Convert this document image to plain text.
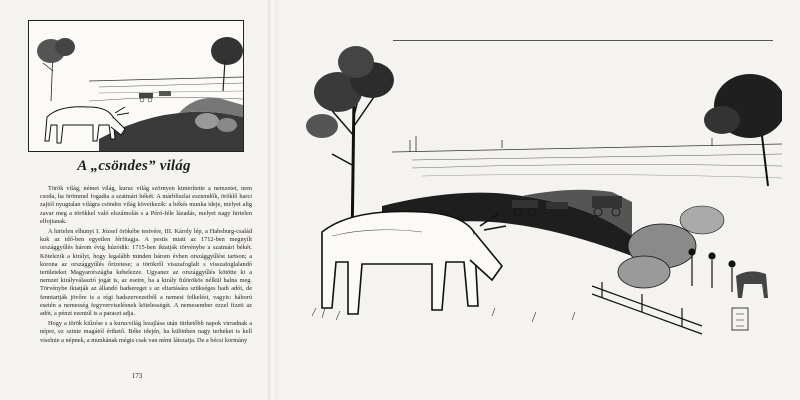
A „csöndes” világ

Török világ, német világ, kuruc világ szörnyen kimerítette a nemzetet, nem csoda, ha örömmel fogadta a szatmári békét. A márbliszlai esztendők, öröklő harci zajtól nyugtalan világra csöndes világ következik: a békés munka ideje, melyet alig zavar meg a törökkel való elszámolás s a Péró-féle lázadás, melyet nagy hirtelen elfojtanak.

A hirtelen elhunyt I. József örökébe testvére, III. Károly lép, a Habsburg-család kuk az idő-ben egyetlen férfitagja. A pestis miatt az 1712-ben megnyílt országgyűlés három évig húzódik: 1715-ben iktatják törvénybe a szatmári békét. Kötelezik a királyt, hogy legalább minden három évben országgyűlést tartson; a korona az országgyűlés őrizetese; a törökről visszafoglalt s visszafoglalandó területeket Magyarországba kebelezze. Ugyanez az országgyűlés kötötte ki a nemzet királyválasztó jogát is, az esetre, ha a király fiúörökös nélkül halna meg. Törvénybe iktatják az állandó hadsereget s az eltartására szükséges hadi adót, de fenntartják jövőre is a régi hadszervezetből a nemesi felkelést, vagyis: háború esetén a nemesség fegyverviselésnek kötelességét. A nemesember ezzel fizeti az adót, a pénzt ezentúl is a paraszt adja.

Hogy a török kiűzése s a kurucvilág lezajlása után türhetőbb napok virradnak a népre, ez szinte magától érthető. Béke idején, ha különben nagy terheket is kell viselnie a népnek, a munkának mégis csak van némi látszatja. De a bécsi kormány

173
